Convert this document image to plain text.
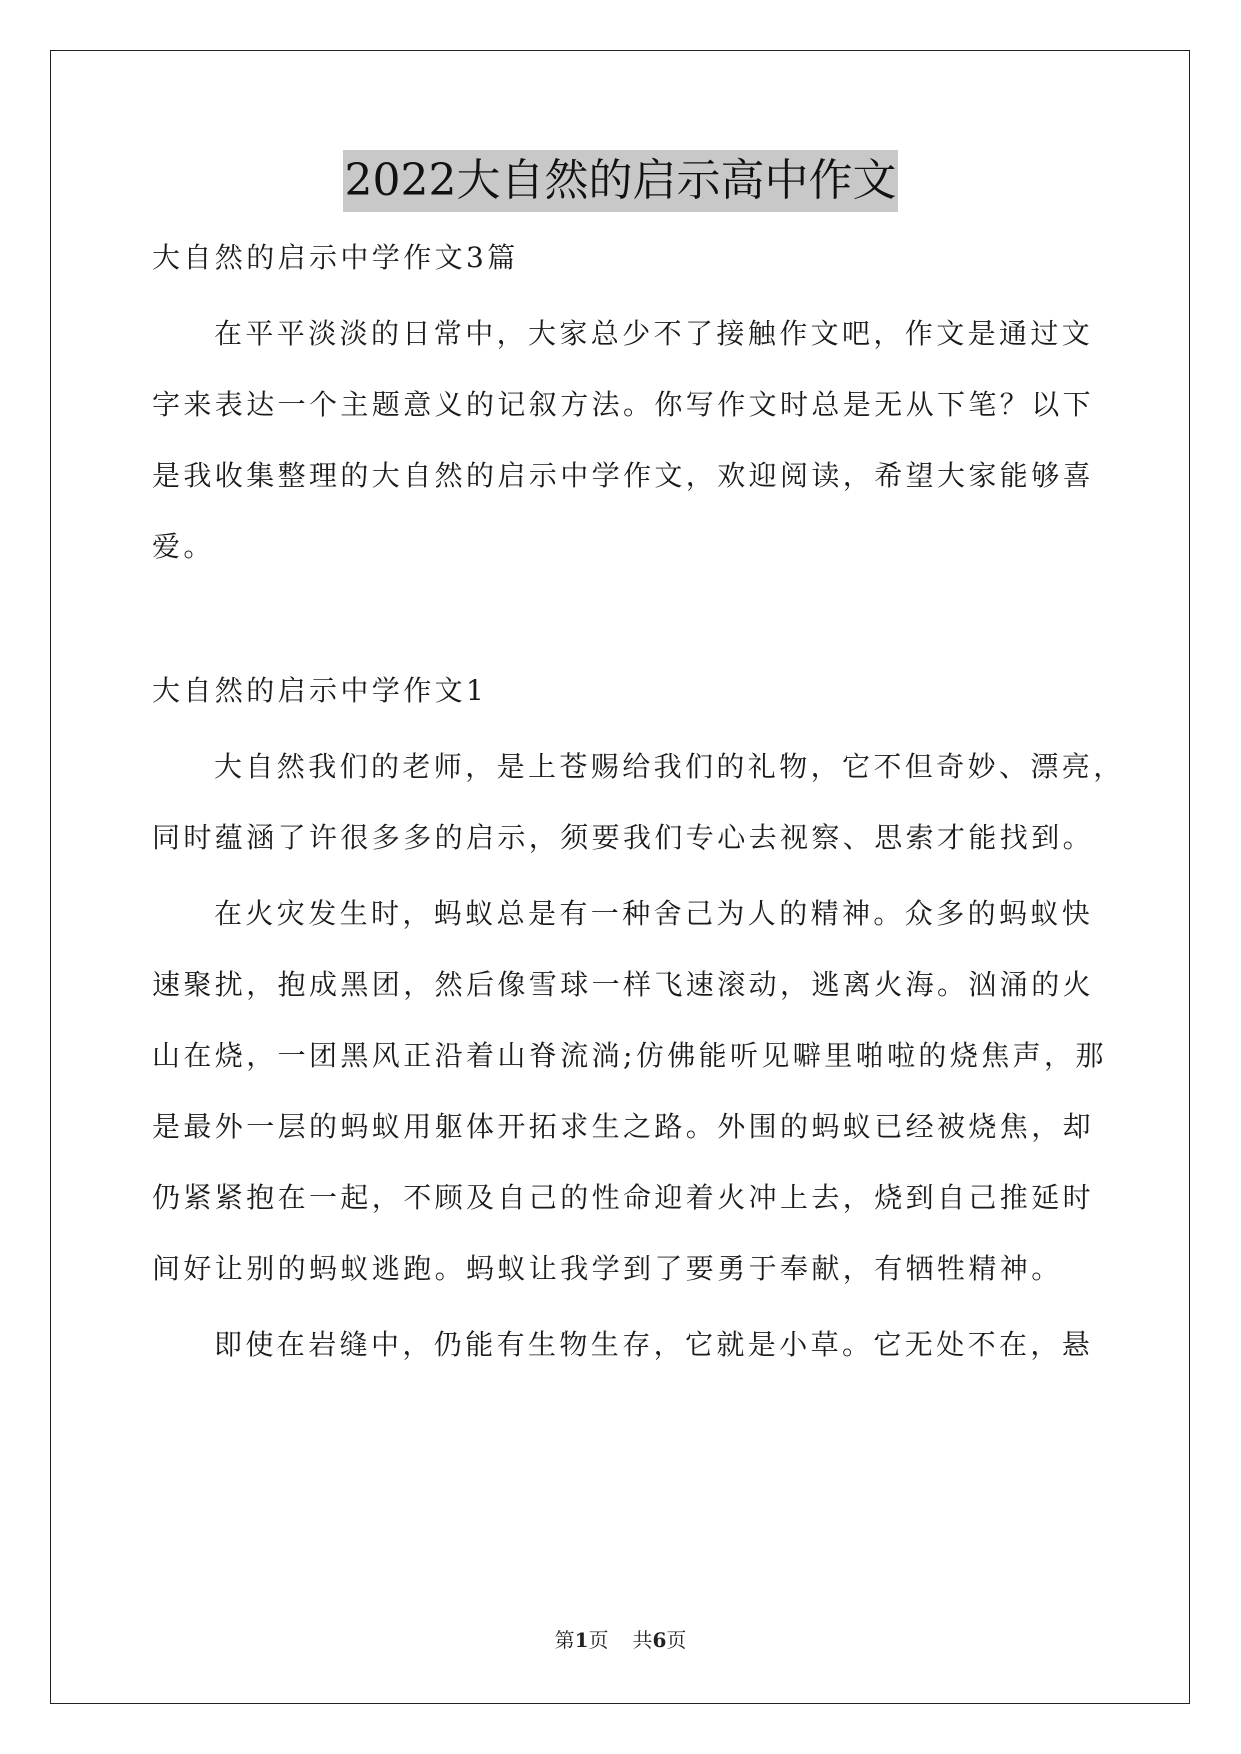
2022大自然的启示高中作文
大自然的启示中学作文3篇
在平平淡淡的日常中，大家总少不了接触作文吧，作文是通过文
字来表达一个主题意义的记叙方法。你写作文时总是无从下笔？以下
是我收集整理的大自然的启示中学作文，欢迎阅读，希望大家能够喜
爱。
大自然的启示中学作文1
大自然我们的老师，是上苍赐给我们的礼物，它不但奇妙、漂亮，
同时蕴涵了许很多多的启示，须要我们专心去视察、思索才能找到。
在火灾发生时，蚂蚁总是有一种舍己为人的精神。众多的蚂蚁快
速聚扰，抱成黑团，然后像雪球一样飞速滚动，逃离火海。汹涌的火
山在烧，一团黑风正沿着山脊流淌;仿佛能听见噼里啪啦的烧焦声，那
是最外一层的蚂蚁用躯体开拓求生之路。外围的蚂蚁已经被烧焦，却
仍紧紧抱在一起，不顾及自己的性命迎着火冲上去，烧到自己推延时
间好让别的蚂蚁逃跑。蚂蚁让我学到了要勇于奉献，有牺牲精神。
即使在岩缝中，仍能有生物生存，它就是小草。它无处不在，悬
第1页 共6页
